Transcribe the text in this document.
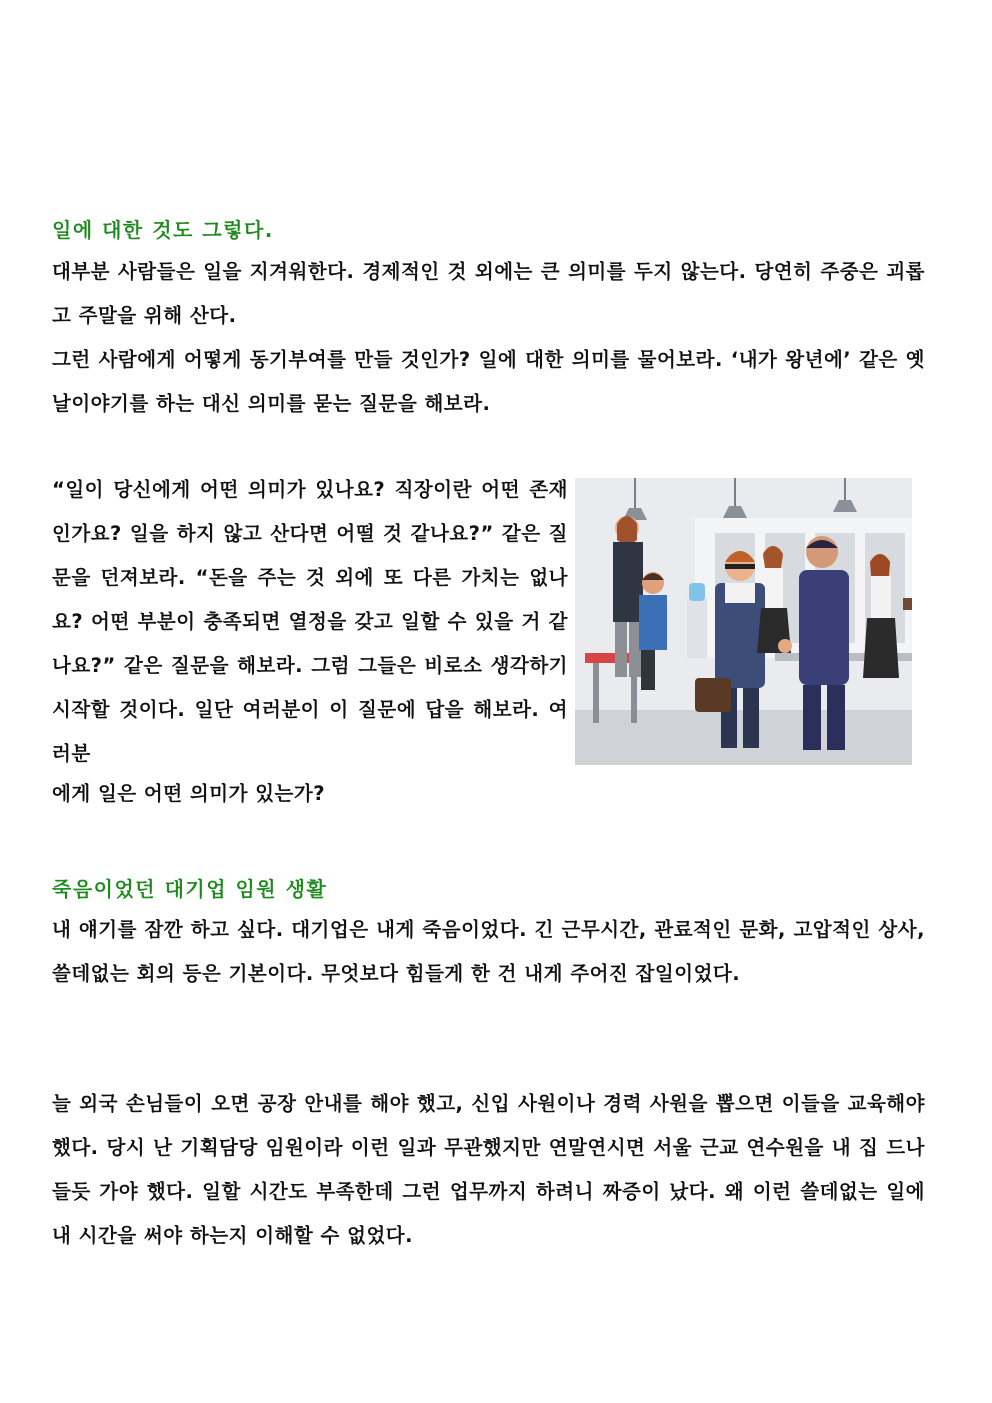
일에 대한 것도 그렇다.

대부분 사람들은 일을 지겨워한다. 경제적인 것 외에는 큰 의미를 두지 않는다. 당연히 주중은 괴롭고 주말을 위해 산다.

그런 사람에게 어떻게 동기부여를 만들 것인가? 일에 대한 의미를 물어보라. ‘내가 왕년에’ 같은 옛날이야기를 하는 대신 의미를 묻는 질문을 해보라.

“일이 당신에게 어떤 의미가 있나요? 직장이란 어떤 존재인가요? 일을 하지 않고 산다면 어떨 것 같나요?” 같은 질문을 던져보라. “돈을 주는 것 외에 또 다른 가치는 없나요? 어떤 부분이 충족되면 열정을 갖고 일할 수 있을 거 같나요?” 같은 질문을 해보라. 그럼 그들은 비로소 생각하기 시작할 것이다. 일단 여러분이 이 질문에 답을 해보라. 여러분

에게 일은 어떤 의미가 있는가?

죽음이었던 대기업 임원 생활

내 얘기를 잠깐 하고 싶다. 대기업은 내게 죽음이었다. 긴 근무시간, 관료적인 문화, 고압적인 상사, 쓸데없는 회의 등은 기본이다. 무엇보다 힘들게 한 건 내게 주어진 잡일이었다.

늘 외국 손님들이 오면 공장 안내를 해야 했고, 신입 사원이나 경력 사원을 뽑으면 이들을 교육해야 했다. 당시 난 기획담당 임원이라 이런 일과 무관했지만 연말연시면 서울 근교 연수원을 내 집 드나들듯 가야 했다. 일할 시간도 부족한데 그런 업무까지 하려니 짜증이 났다. 왜 이런 쓸데없는 일에 내 시간을 써야 하는지 이해할 수 없었다.
